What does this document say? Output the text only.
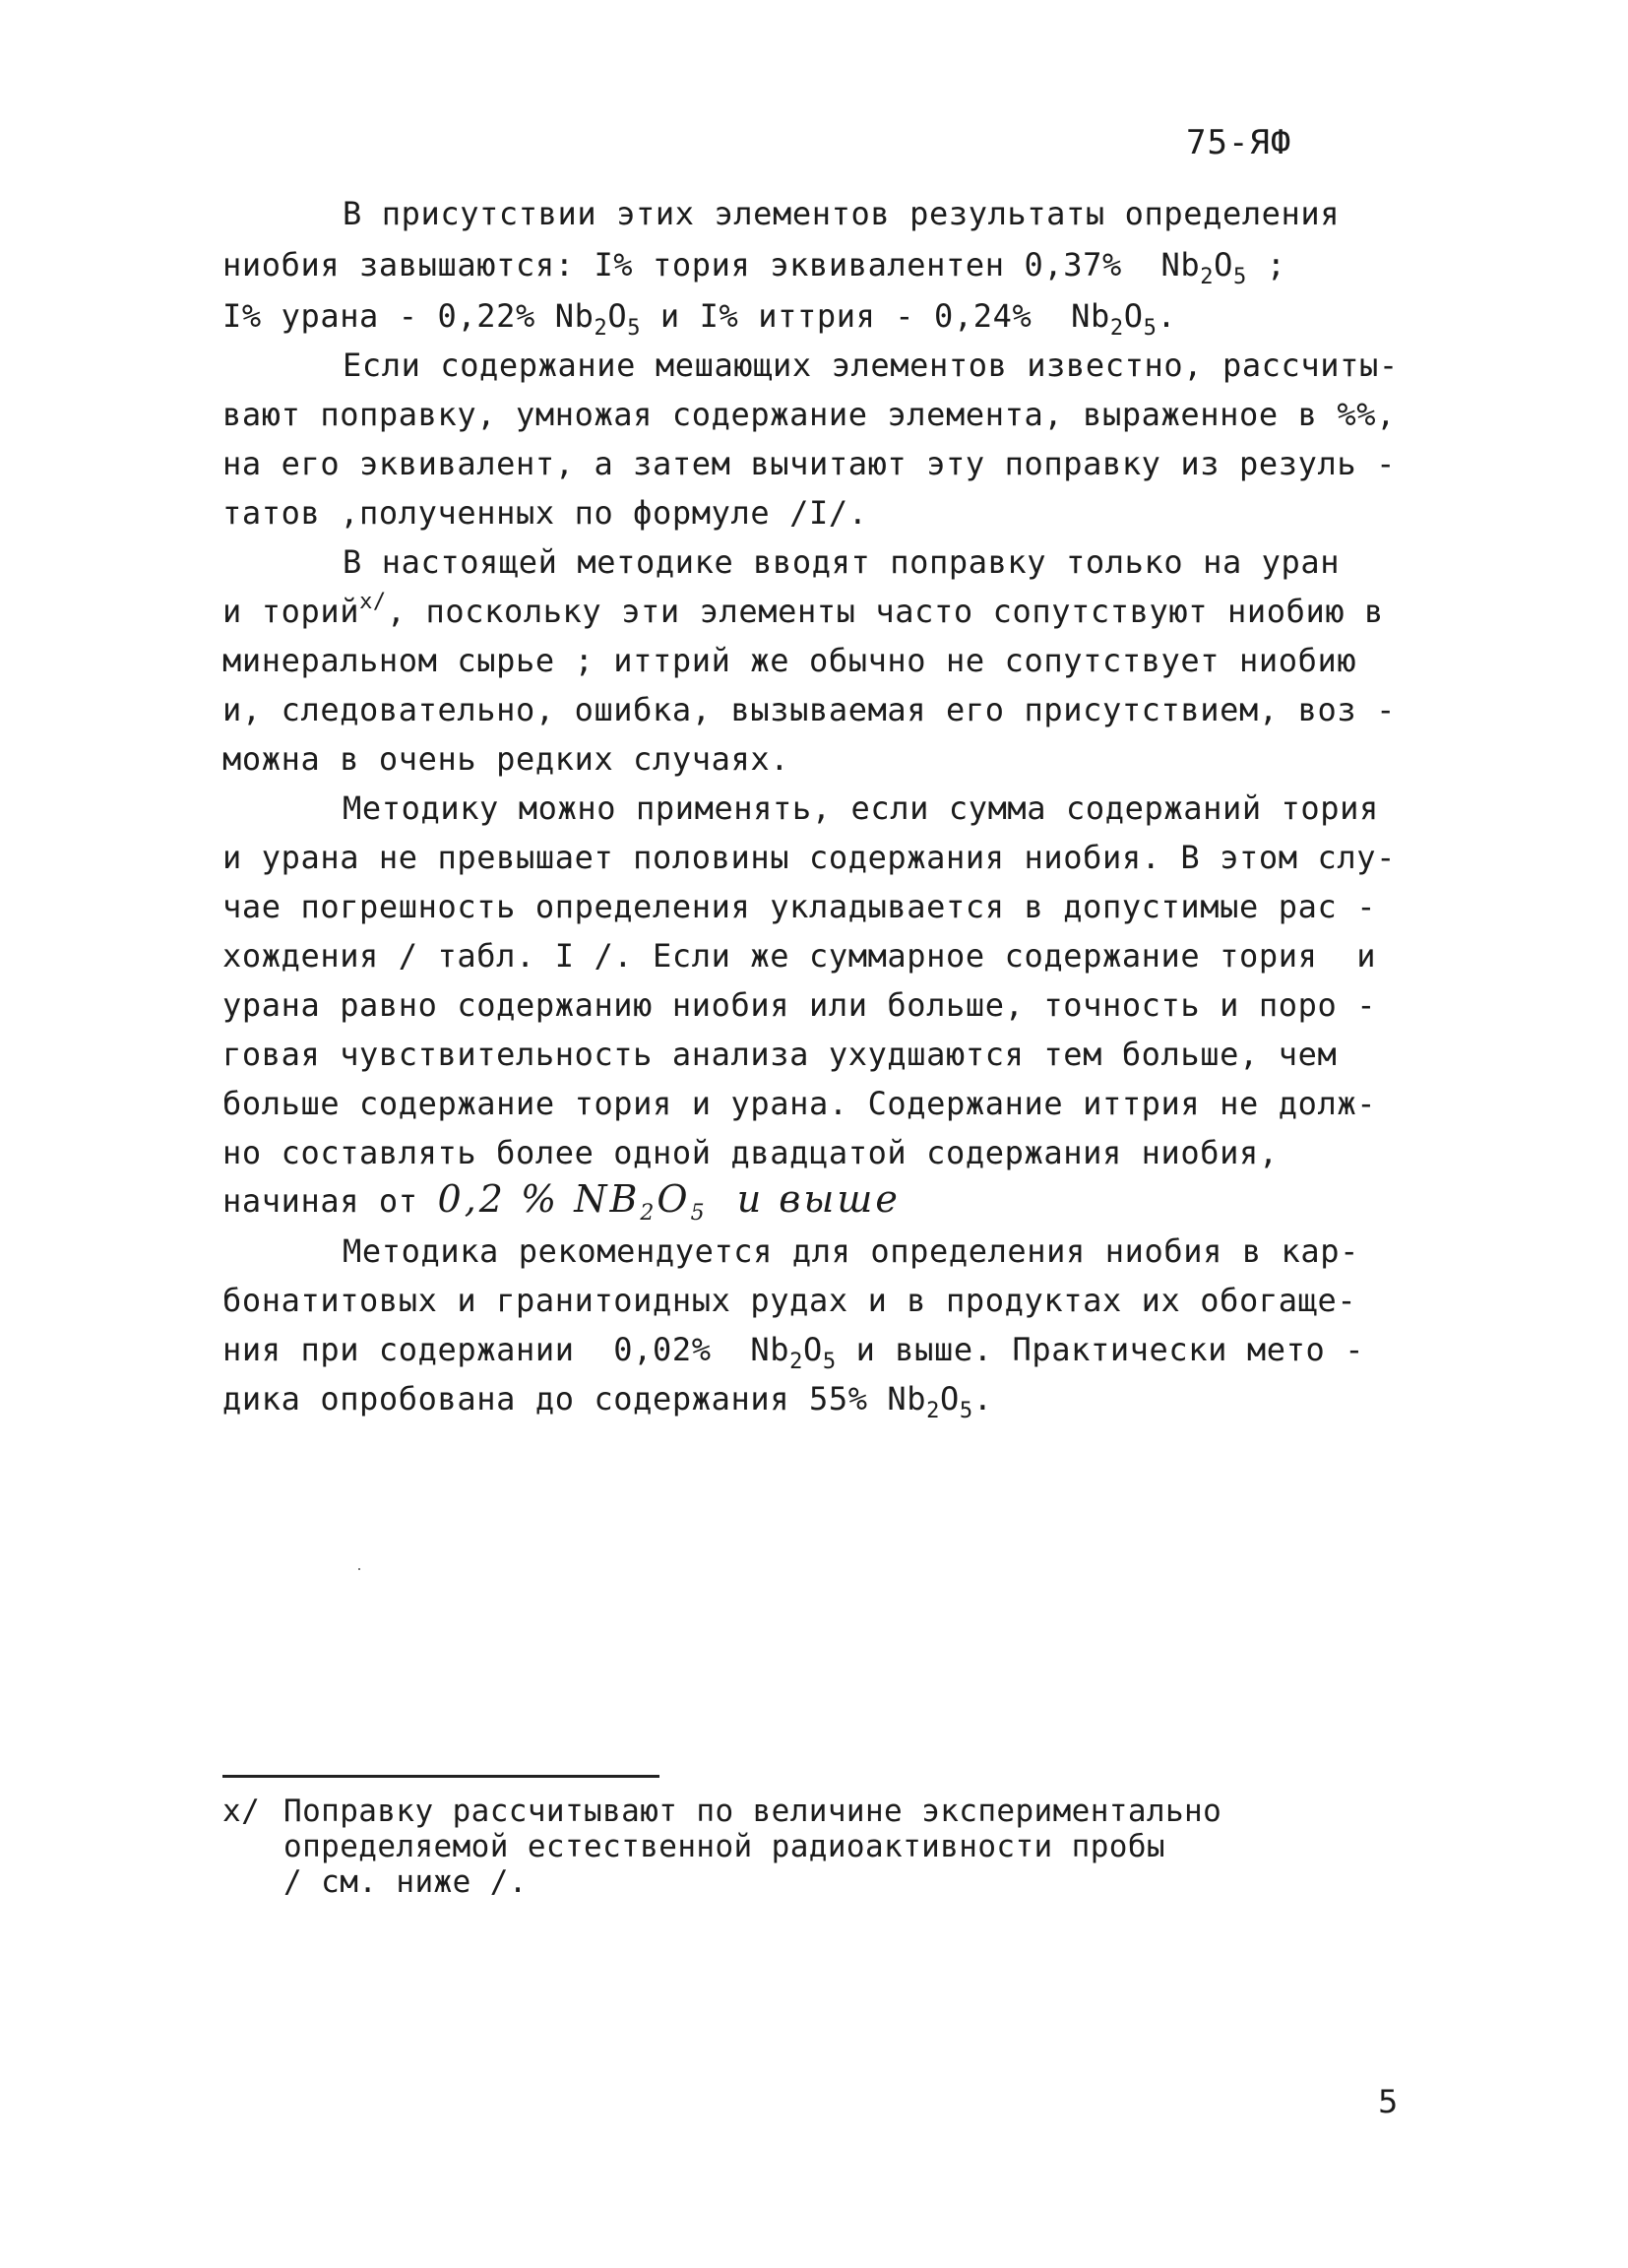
75-ЯФ
В присутствии этих элементов результаты определения
ниобия завышаются: I% тория эквивалентен 0,37%  $Nb_2O_5$ ;
I% урана - 0,22% $Nb_2O_5$ и I% иттрия - 0,24%  $Nb_2O_5$.
Если содержание мешающих элементов известно, рассчиты-
вают поправку, умножая содержание элемента, выраженное в %%,
на его эквивалент, а затем вычитают эту поправку из резуль -
татов ,полученных по формуле /I/.
В настоящей методике вводят поправку только на уран
и торий$^{x/}$, поскольку эти элементы часто сопутствуют ниобию в
минеральном сырье ; иттрий же обычно не сопутствует ниобию
и, следовательно, ошибка, вызываемая его присутствием, воз -
можна в очень редких случаях.
Методику можно применять, если сумма содержаний тория
и урана не превышает половины содержания ниобия. В этом слу-
чае погрешность определения укладывается в допустимые рас -
хождения / табл. I /. Если же суммарное содержание тория  и
урана равно содержанию ниобия или больше, точность и поро -
говая чувствительность анализа ухудшаются тем больше, чем
больше содержание тория и урана. Содержание иттрия не долж-
но составлять более одной двадцатой содержания ниобия,
начиная от 0,2 % $NB_2O_5$ и выше
Методика рекомендуется для определения ниобия в кар-
бонатитовых и гранитоидных рудах и в продуктах их обогаще-
ния при содержании  0,02%  $Nb_2O_5$ и выше. Практически мето -
дика опробована до содержания 55% $Nb_2O_5$.
x/ Поправку рассчитывают по величине экспериментально
определяемой естественной радиоактивности пробы
/ см. ниже /.
5
